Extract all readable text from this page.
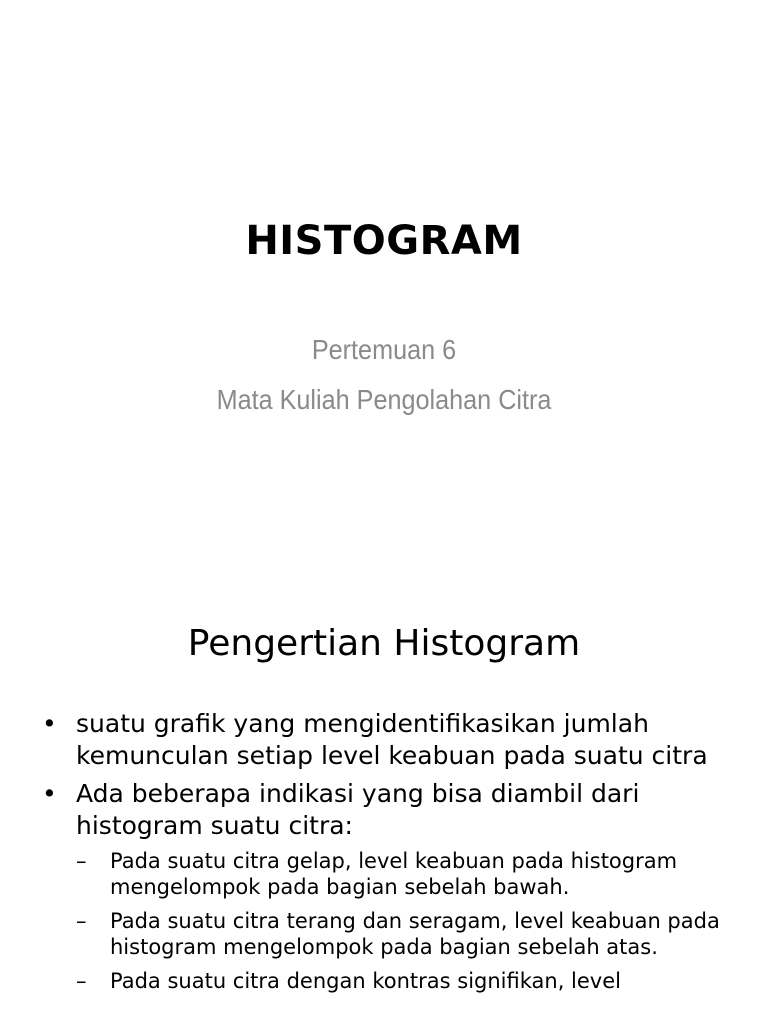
HISTOGRAM
Pertemuan 6
Mata Kuliah Pengolahan Citra
Pengertian Histogram
• suatu grafik yang mengidentifikasikan jumlah kemunculan setiap level keabuan pada suatu citra
• Ada beberapa indikasi yang bisa diambil dari histogram suatu citra:
– Pada suatu citra gelap, level keabuan pada histogram mengelompok pada bagian sebelah bawah.
– Pada suatu citra terang dan seragam, level keabuan pada histogram mengelompok pada bagian sebelah atas.
– Pada suatu citra dengan kontras signifikan, level
